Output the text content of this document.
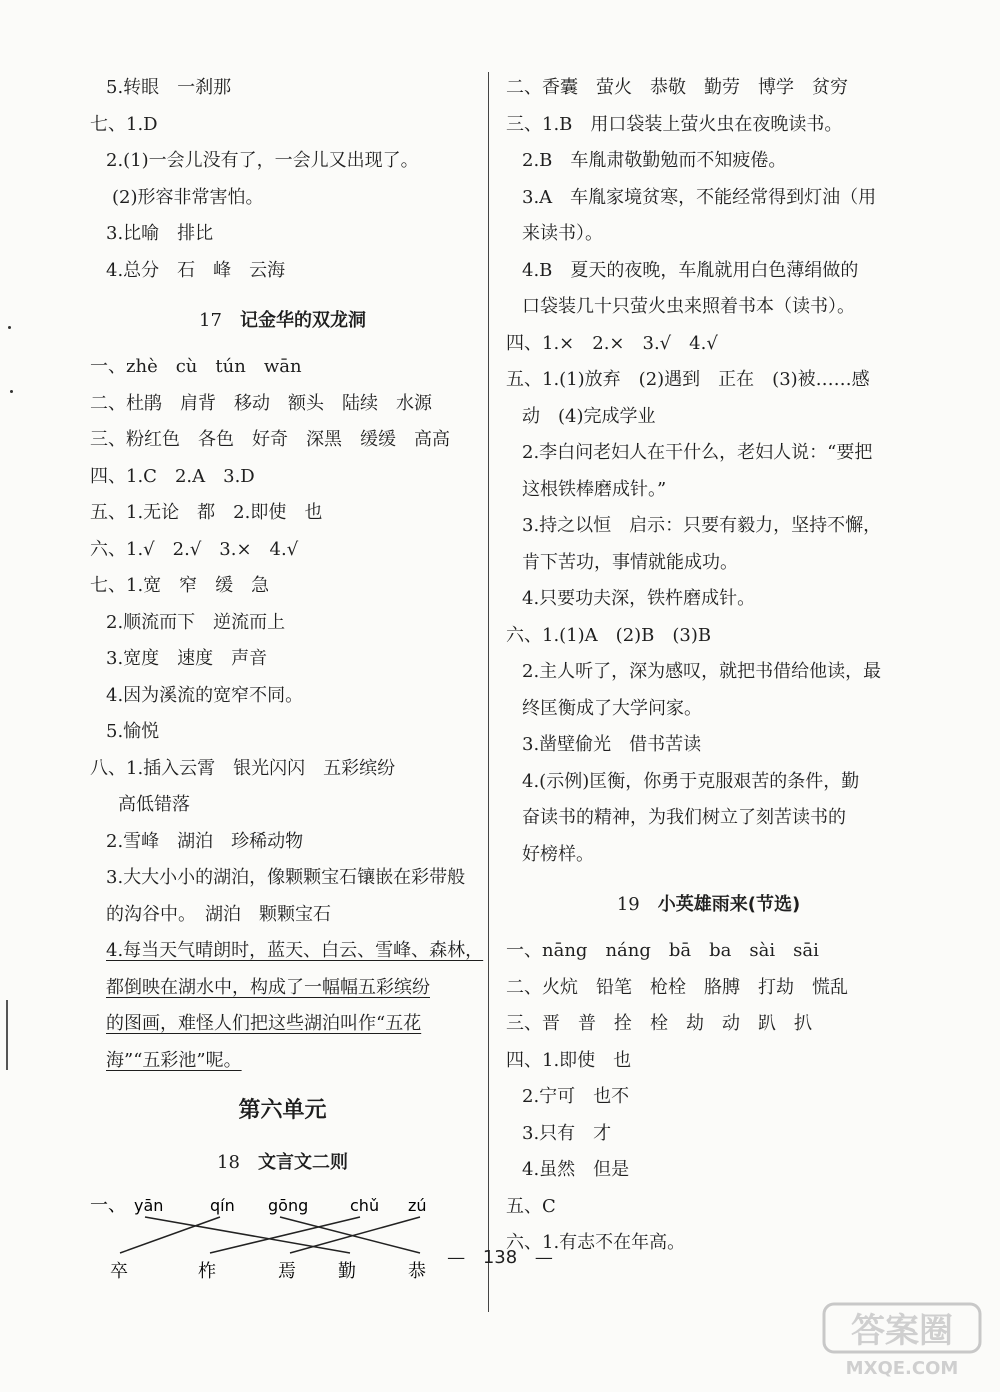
5.转眼　一刹那
七、1.D
2.(1)一会儿没有了，一会儿又出现了。
(2)形容非常害怕。
3.比喻　排比
4.总分　石　峰　云海
17 记金华的双龙洞
一、zhè　cù　tún　wān
二、杜鹃　肩背　移动　额头　陆续　水源
三、粉红色　各色　好奇　深黑　缓缓　高高
四、1.C　2.A　3.D
五、1.无论　都　2.即使　也
六、1.√　2.√　3.×　4.√
七、1.宽　窄　缓　急
2.顺流而下　逆流而上
3.宽度　速度　声音
4.因为溪流的宽窄不同。
5.愉悦
八、1.插入云霄　银光闪闪　五彩缤纷
高低错落
2.雪峰　湖泊　珍稀动物
3.大大小小的湖泊，像颗颗宝石镶嵌在彩带般
的沟谷中。　湖泊　颗颗宝石
4.每当天气晴朗时，蓝天、白云、雪峰、森林，
都倒映在湖水中，构成了一幅幅五彩缤纷
的图画，难怪人们把这些湖泊叫作“五花
海”“五彩池”呢。
第六单元
18 文言文二则
一、 yān	qín gōng	chǔ zú
卒	柞	焉 勤	恭
二、香囊　萤火　恭敬　勤劳　博学　贫穷
三、1.B　用口袋装上萤火虫在夜晚读书。
2.B　车胤肃敬勤勉而不知疲倦。
3.A　车胤家境贫寒，不能经常得到灯油（用
来读书）。
4.B　夏天的夜晚，车胤就用白色薄绢做的
口袋装几十只萤火虫来照着书本（读书）。
四、1.×　2.×　3.√　4.√
五、1.(1)放弃　(2)遇到　正在　(3)被……感
动　(4)完成学业
2.李白问老妇人在干什么，老妇人说：“要把
这根铁棒磨成针。”
3.持之以恒　启示：只要有毅力，坚持不懈，
肯下苦功，事情就能成功。
4.只要功夫深，铁杵磨成针。
六、1.(1)A　(2)B　(3)B
2.主人听了，深为感叹，就把书借给他读，最
终匡衡成了大学问家。
3.凿壁偷光　借书苦读
4.(示例)匡衡，你勇于克服艰苦的条件，勤
奋读书的精神，为我们树立了刻苦读书的
好榜样。
19 小英雄雨来(节选)
一、nāng　náng　bā　ba　sài　sāi
二、火炕　铅笔　枪栓　胳膊　打劫　慌乱
三、晋　普　拴　栓　劫　动　趴　扒
四、1.即使　也
2.宁可　也不
3.只有　才
4.虽然　但是
五、C
六、1.有志不在年高。
— 138 —
答案圈
MXQE.COM
